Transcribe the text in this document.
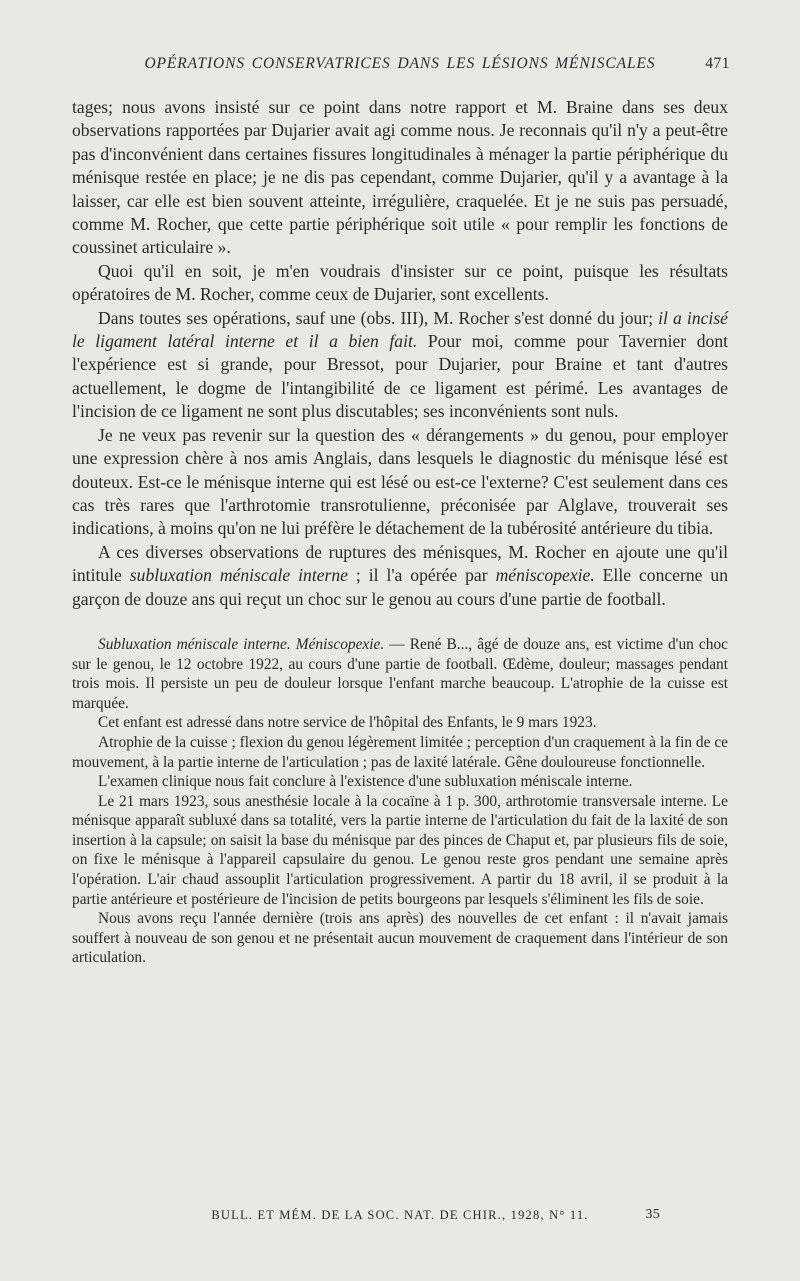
OPÉRATIONS CONSERVATRICES DANS LES LÉSIONS MÉNISCALES	471

tages; nous avons insisté sur ce point dans notre rapport et M. Braine dans ses deux observations rapportées par Dujarier avait agi comme nous. Je reconnais qu'il n'y a peut-être pas d'inconvénient dans certaines fissures longitudinales à ménager la partie périphérique du ménisque restée en place; je ne dis pas cependant, comme Dujarier, qu'il y a avantage à la laisser, car elle est bien souvent atteinte, irrégulière, craquelée. Et je ne suis pas persuadé, comme M. Rocher, que cette partie périphérique soit utile « pour remplir les fonctions de coussinet articulaire ».

Quoi qu'il en soit, je m'en voudrais d'insister sur ce point, puisque les résultats opératoires de M. Rocher, comme ceux de Dujarier, sont excellents.

Dans toutes ses opérations, sauf une (obs. III), M. Rocher s'est donné du jour; il a incisé le ligament latéral interne et il a bien fait. Pour moi, comme pour Tavernier dont l'expérience est si grande, pour Bressot, pour Dujarier, pour Braine et tant d'autres actuellement, le dogme de l'intangibilité de ce ligament est périmé. Les avantages de l'incision de ce ligament ne sont plus discutables; ses inconvénients sont nuls.

Je ne veux pas revenir sur la question des « dérangements » du genou, pour employer une expression chère à nos amis Anglais, dans lesquels le diagnostic du ménisque lésé est douteux. Est-ce le ménisque interne qui est lésé ou est-ce l'externe? C'est seulement dans ces cas très rares que l'arthrotomie transrotulienne, préconisée par Alglave, trouverait ses indications, à moins qu'on ne lui préfère le détachement de la tubérosité antérieure du tibia.

A ces diverses observations de ruptures des ménisques, M. Rocher en ajoute une qu'il intitule subluxation méniscale interne ; il l'a opérée par méniscopexie. Elle concerne un garçon de douze ans qui reçut un choc sur le genou au cours d'une partie de football.

Subluxation méniscale interne. Méniscopexie. — René B..., âgé de douze ans, est victime d'un choc sur le genou, le 12 octobre 1922, au cours d'une partie de football. Œdème, douleur; massages pendant trois mois. Il persiste un peu de douleur lorsque l'enfant marche beaucoup. L'atrophie de la cuisse est marquée.

Cet enfant est adressé dans notre service de l'hôpital des Enfants, le 9 mars 1923.

Atrophie de la cuisse ; flexion du genou légèrement limitée ; perception d'un craquement à la fin de ce mouvement, à la partie interne de l'articulation ; pas de laxité latérale. Gêne douloureuse fonctionnelle.

L'examen clinique nous fait conclure à l'existence d'une subluxation méniscale interne.

Le 21 mars 1923, sous anesthésie locale à la cocaïne à 1 p. 300, arthrotomie transversale interne. Le ménisque apparaît subluxé dans sa totalité, vers la partie interne de l'articulation du fait de la laxité de son insertion à la capsule; on saisit la base du ménisque par des pinces de Chaput et, par plusieurs fils de soie, on fixe le ménisque à l'appareil capsulaire du genou. Le genou reste gros pendant une semaine après l'opération. L'air chaud assouplit l'articulation progressivement. A partir du 18 avril, il se produit à la partie antérieure et postérieure de l'incision de petits bourgeons par lesquels s'éliminent les fils de soie.

Nous avons reçu l'année dernière (trois ans après) des nouvelles de cet enfant : il n'avait jamais souffert à nouveau de son genou et ne présentait aucun mouvement de craquement dans l'intérieur de son articulation.

BULL. ET MÉM. DE LA SOC. NAT. DE CHIR., 1928, N° 11.	35
